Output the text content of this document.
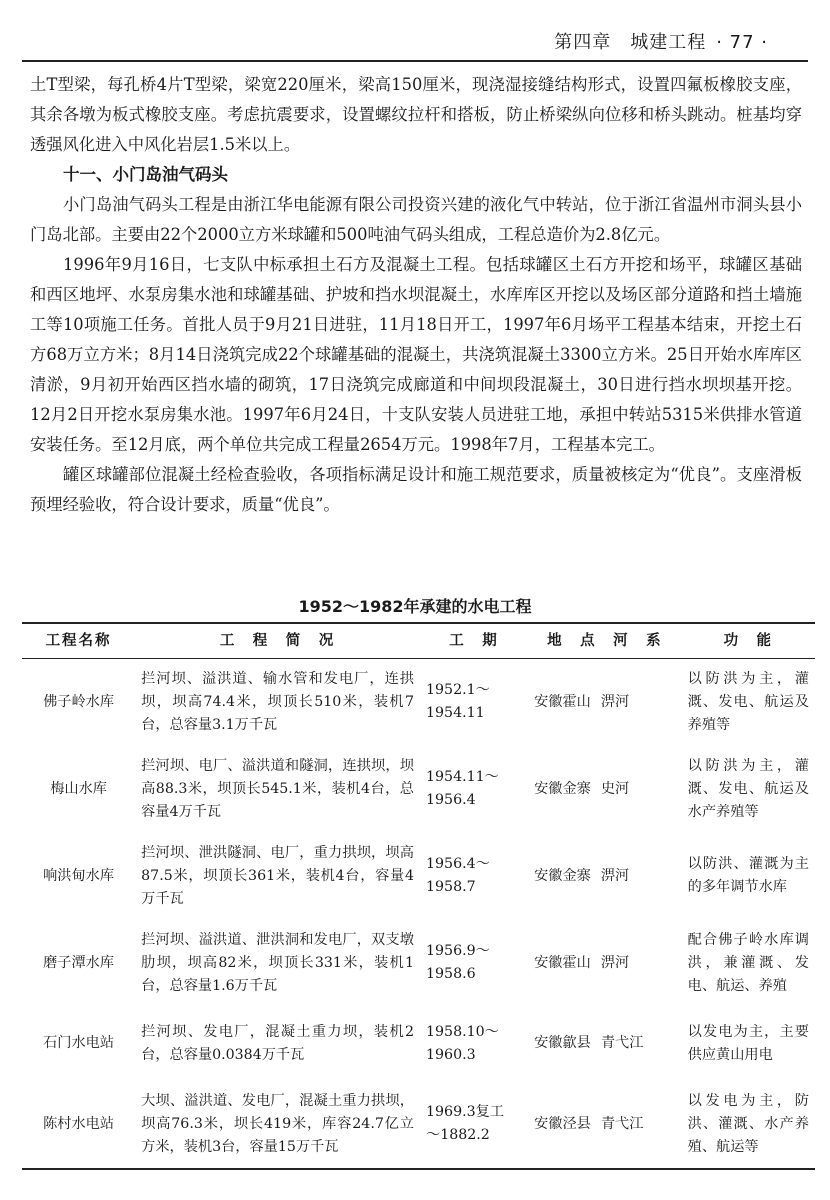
第四章　城建工程 · 77 ·

土T型梁，每孔桥4片T型梁，梁宽220厘米，梁高150厘米，现浇湿接缝结构形式，设置四氟板橡胶支座，其余各墩为板式橡胶支座。考虑抗震要求，设置螺纹拉杆和搭板，防止桥梁纵向位移和桥头跳动。桩基均穿透强风化进入中风化岩层1.5米以上。

十一、小门岛油气码头

小门岛油气码头工程是由浙江华电能源有限公司投资兴建的液化气中转站，位于浙江省温州市洞头县小门岛北部。主要由22个2000立方米球罐和500吨油气码头组成，工程总造价为2.8亿元。

1996年9月16日，七支队中标承担土石方及混凝土工程。包括球罐区土石方开挖和场平，球罐区基础和西区地坪、水泵房集水池和球罐基础、护坡和挡水坝混凝土，水库库区开挖以及场区部分道路和挡土墙施工等10项施工任务。首批人员于9月21日进驻，11月18日开工，1997年6月场平工程基本结束，开挖土石方68万立方米；8月14日浇筑完成22个球罐基础的混凝土，共浇筑混凝土3300立方米。25日开始水库库区清淤，9月初开始西区挡水墙的砌筑，17日浇筑完成廊道和中间坝段混凝土，30日进行挡水坝坝基开挖。12月2日开挖水泵房集水池。1997年6月24日，十支队安装人员进驻工地，承担中转站5315米供排水管道安装任务。至12月底，两个单位共完成工程量2654万元。1998年7月，工程基本完工。

罐区球罐部位混凝土经检查验收，各项指标满足设计和施工规范要求，质量被核定为“优良”。支座滑板预埋经验收，符合设计要求，质量“优良”。

1952～1982年承建的水电工程
工程名称	工　程　简　况	工　期	地　点　河　系	功　能
佛子岭水库	拦河坝、溢洪道、输水管和发电厂，连拱坝，坝高74.4米，坝顶长510米，装机7台，总容量3.1万千瓦	1952.1～
1954.11	安徽霍山 淠河	以防洪为主，灌溉、发电、航运及养殖等
梅山水库	拦河坝、电厂、溢洪道和隧洞，连拱坝，坝高88.3米，坝顶长545.1米，装机4台，总容量4万千瓦	1954.11～
1956.4	安徽金寨 史河	以防洪为主，灌溉、发电、航运及水产养殖等
响洪甸水库	拦河坝、泄洪隧洞、电厂，重力拱坝，坝高87.5米，坝顶长361米，装机4台，容量4万千瓦	1956.4～
1958.7	安徽金寨 淠河	以防洪、灌溉为主的多年调节水库
磨子潭水库	拦河坝、溢洪道、泄洪洞和发电厂，双支墩肋坝，坝高82米，坝顶长331米，装机1台，总容量1.6万千瓦	1956.9～
1958.6	安徽霍山 淠河	配合佛子岭水库调洪，兼灌溉、发电、航运、养殖
石门水电站	拦河坝、发电厂，混凝土重力坝，装机2台，总容量0.0384万千瓦	1958.10～
1960.3	安徽歙县 青弋江	以发电为主，主要供应黄山用电
陈村水电站	大坝、溢洪道、发电厂，混凝土重力拱坝，坝高76.3米，坝长419米，库容24.7亿立方米，装机3台，容量15万千瓦	1969.3复工
～1882.2	安徽泾县 青弋江	以发电为主，防洪、灌溉、水产养殖、航运等
